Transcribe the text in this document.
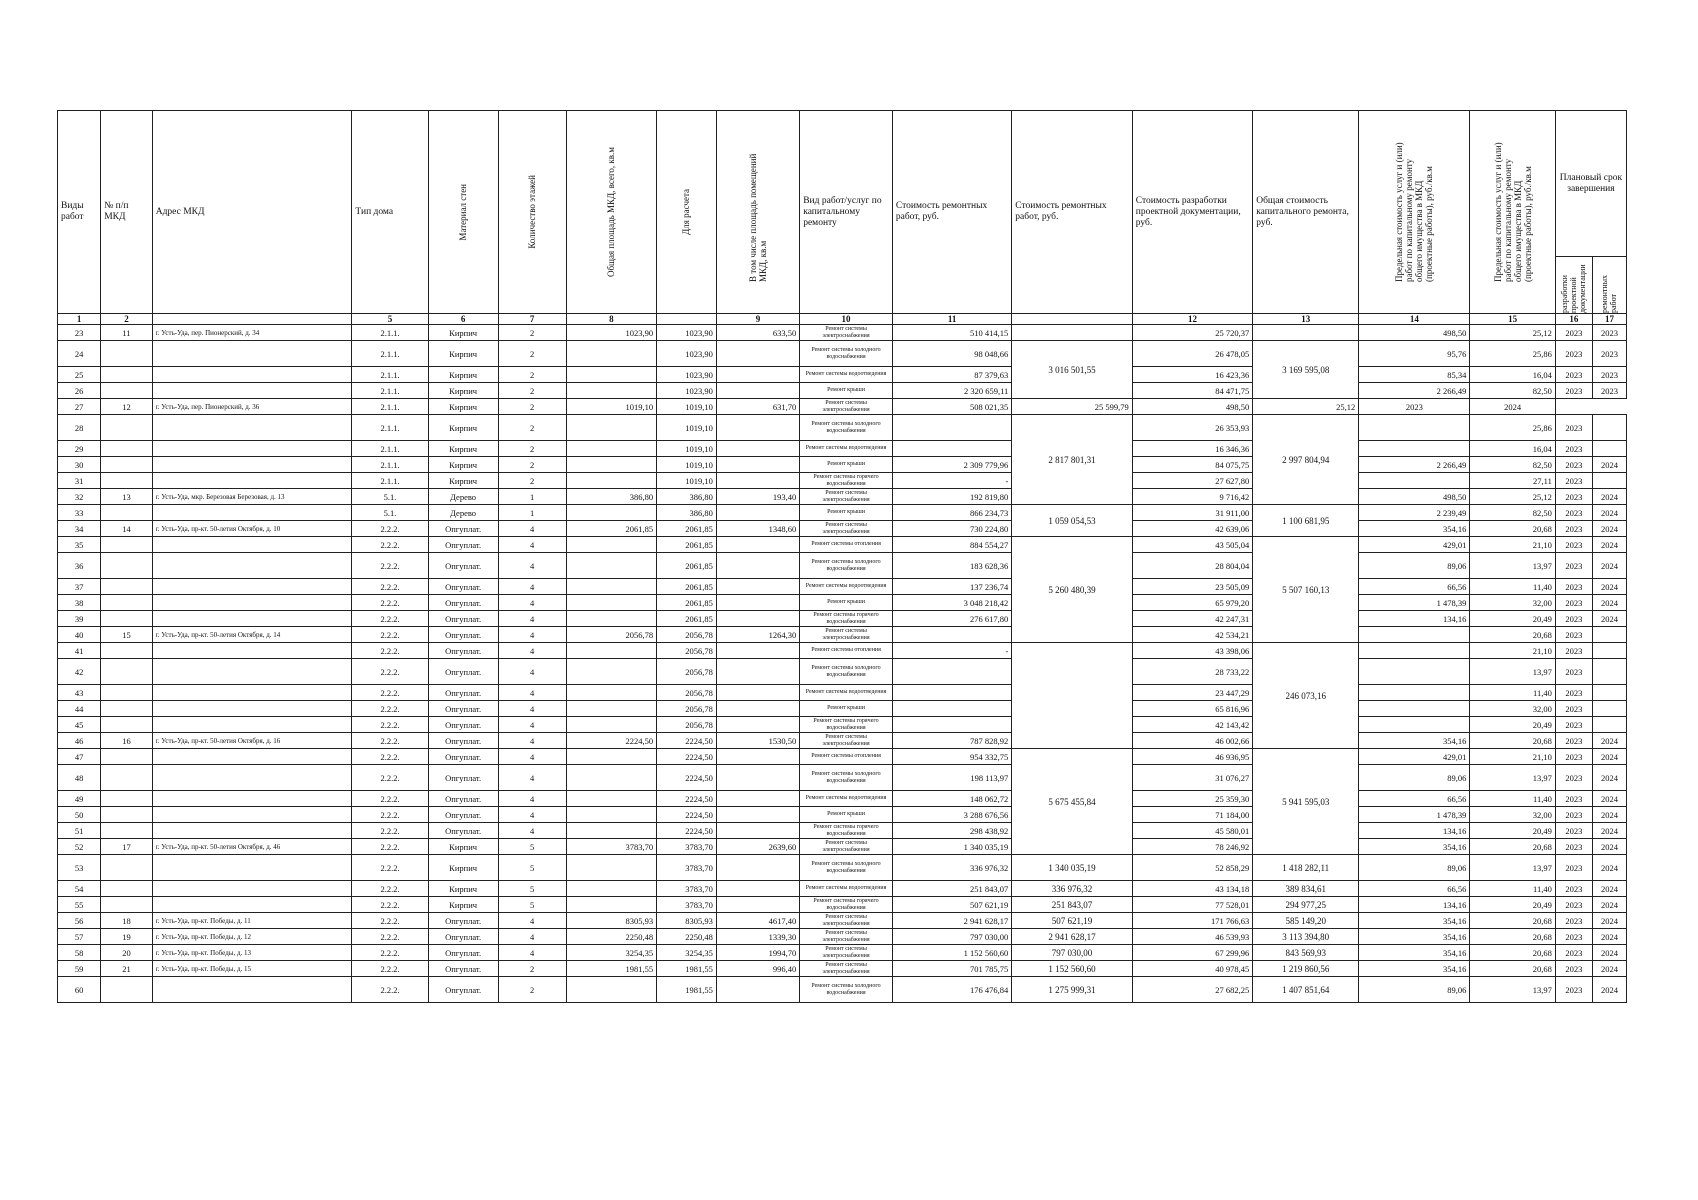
Виды работ	№ п/п МКД	Адрес МКД	Тип дома	Материал стен	Количество этажей	Общая площадь МКД, всего, кв.м	Для расчета	В том числе площадь помещений МКД, кв.м	Вид работ/услуг по капитальному ремонту	Стоимость ремонтных работ, руб.	Стоимость ремонтных работ, руб.	Стоимость разработки проектной документации, руб.	Общая стоимость капитального ремонта, руб.	Предельная стоимость услуг и (или) работ по капитальному ремонту общего имущества в МКД (проектные работы), руб./кв.м	Предельная стоимость услуг и (или) работ по капитальному ремонту общего имущества в МКД (проектные работы), руб./кв.м	Плановый срок завершения	

																разработки проектной документации	ремонтных работ

1	2		5	6	7	8		9	10	11		12	13	14	15	16	17
23	11	г. Усть-Уда, пер. Пионерский, д. 34	2.1.1.	Кирпич	2	1023,90	1023,90	633,50	Ремонт системы электроснабжения	510 414,15		25 720,37		498,50	25,12	2023	2023
24			2.1.1.	Кирпич	2		1023,90		Ремонт системы холодного водоснабжения	98 048,66	3 016 501,55	26 478,05	3 169 595,08	95,76	25,86	2023	2023
25			2.1.1.	Кирпич	2		1023,90		Ремонт системы водоотведения	87 379,63		16 423,36		85,34	16,04	2023	2023
26			2.1.1.	Кирпич	2		1023,90		Ремонт крыши	2 320 659,11		84 471,75		2 266,49	82,50	2023	2023
27	12	г. Усть-Уда, пер. Пионерский, д. 36	2.1.1.	Кирпич	2	1019,10	1019,10	631,70	Ремонт системы электроснабжения	508 021,35	25 599,79	498,50	25,12	2023	2024		
28			2.1.1.	Кирпич	2		1019,10		Ремонт системы холодного водоснабжения		2 817 801,31	26 353,93	2 997 804,94		25,86	2023	
29			2.1.1.	Кирпич	2		1019,10		Ремонт системы водоотведения			16 346,36			16,04	2023	
30			2.1.1.	Кирпич	2		1019,10		Ремонт крыши	2 309 779,96		84 075,75		2 266,49	82,50	2023	2024
31			2.1.1.	Кирпич	2		1019,10		Ремонт системы горячего водоснабжения	-		27 627,80			27,11	2023	
32	13	г. Усть-Уда, мкр. Березовая Березовая, д. 13	5.1.	Дерево	1	386,80	386,80	193,40	Ремонт системы электроснабжения	192 819,80		9 716,42		498,50	25,12	2023	2024
33			5.1.	Дерево	1		386,80		Ремонт крыши	866 234,73	1 059 054,53	31 911,00	1 100 681,95	2 239,49	82,50	2023	2024
34	14	г. Усть-Уда, пр-кт. 50-летия Октября, д. 10	2.2.2.	Опгуплат.	4	2061,85	2061,85	1348,60	Ремонт системы электроснабжения	730 224,80		42 639,06		354,16	20,68	2023	2024
35			2.2.2.	Опгуплат.	4		2061,85		Ремонт системы отопления	884 554,27	5 260 480,39	43 505,04	5 507 160,13	429,01	21,10	2023	2024
36			2.2.2.	Опгуплат.	4		2061,85		Ремонт системы холодного водоснабжения	183 628,36		28 804,04		89,06	13,97	2023	2024
37			2.2.2.	Опгуплат.	4		2061,85		Ремонт системы водоотведения	137 236,74		23 505,09		66,56	11,40	2023	2024
38			2.2.2.	Опгуплат.	4		2061,85		Ремонт крыши	3 048 218,42		65 979,20		1 478,39	32,00	2023	2024
39			2.2.2.	Опгуплат.	4		2061,85		Ремонт системы горячего водоснабжения	276 617,80		42 247,31		134,16	20,49	2023	2024
40	15	г. Усть-Уда, пр-кт. 50-летия Октября, д. 14	2.2.2.	Опгуплат.	4	2056,78	2056,78	1264,30	Ремонт системы электроснабжения			42 534,21			20,68	2023	
41			2.2.2.	Опгуплат.	4		2056,78		Ремонт системы отопления	-		43 398,06	246 073,16		21,10	2023	
42			2.2.2.	Опгуплат.	4		2056,78		Ремонт системы холодного водоснабжения			28 733,22			13,97	2023	
43			2.2.2.	Опгуплат.	4		2056,78		Ремонт системы водоотведения			23 447,29			11,40	2023	
44			2.2.2.	Опгуплат.	4		2056,78		Ремонт крыши			65 816,96			32,00	2023	
45			2.2.2.	Опгуплат.	4		2056,78		Ремонт системы горячего водоснабжения			42 143,42			20,49	2023	
46	16	г. Усть-Уда, пр-кт. 50-летия Октября, д. 16	2.2.2.	Опгуплат.	4	2224,50	2224,50	1530,50	Ремонт системы электроснабжения	787 828,92		46 002,66		354,16	20,68	2023	2024
47			2.2.2.	Опгуплат.	4		2224,50		Ремонт системы отопления	954 332,75	5 675 455,84	46 936,95	5 941 595,03	429,01	21,10	2023	2024
48			2.2.2.	Опгуплат.	4		2224,50		Ремонт системы холодного водоснабжения	198 113,97		31 076,27		89,06	13,97	2023	2024
49			2.2.2.	Опгуплат.	4		2224,50		Ремонт системы водоотведения	148 062,72		25 359,30		66,56	11,40	2023	2024
50			2.2.2.	Опгуплат.	4		2224,50		Ремонт крыши	3 288 676,56		71 184,00		1 478,39	32,00	2023	2024
51			2.2.2.	Опгуплат.	4		2224,50		Ремонт системы горячего водоснабжения	298 438,92		45 580,01		134,16	20,49	2023	2024
52	17	г. Усть-Уда, пр-кт. 50-летия Октября, д. 46	2.2.2.	Кирпич	5	3783,70	3783,70	2639,60	Ремонт системы электроснабжения	1 340 035,19		78 246,92		354,16	20,68	2023	2024
53			2.2.2.	Кирпич	5		3783,70		Ремонт системы холодного водоснабжения	336 976,32	1 340 035,19	52 858,29	1 418 282,11	89,06	13,97	2023	2024
54			2.2.2.	Кирпич	5		3783,70		Ремонт системы водоотведения	251 843,07	336 976,32	43 134,18	389 834,61	66,56	11,40	2023	2024
55			2.2.2.	Кирпич	5		3783,70		Ремонт системы горячего водоснабжения	507 621,19	251 843,07	77 528,01	294 977,25	134,16	20,49	2023	2024
56	18	г. Усть-Уда, пр-кт. Победы, д. 11	2.2.2.	Опгуплат.	4	8305,93	8305,93	4617,40	Ремонт системы электроснабжения	2 941 628,17	507 621,19	171 766,63	585 149,20	354,16	20,68	2023	2024
57	19	г. Усть-Уда, пр-кт. Победы, д. 12	2.2.2.	Опгуплат.	4	2250,48	2250,48	1339,30	Ремонт системы электроснабжения	797 030,00	2 941 628,17	46 539,93	3 113 394,80	354,16	20,68	2023	2024
58	20	г. Усть-Уда, пр-кт. Победы, д. 13	2.2.2.	Опгуплат.	4	3254,35	3254,35	1994,70	Ремонт системы электроснабжения	1 152 560,60	797 030,00	67 299,96	843 569,93	354,16	20,68	2023	2024
59	21	г. Усть-Уда, пр-кт. Победы, д. 15	2.2.2.	Опгуплат.	2	1981,55	1981,55	996,40	Ремонт системы электроснабжения	701 785,75	1 152 560,60	40 978,45	1 219 860,56	354,16	20,68	2023	2024
60			2.2.2.	Опгуплат.	2		1981,55		Ремонт системы холодного водоснабжения	176 476,84	1 275 999,31	27 682,25	1 407 851,64	89,06	13,97	2023	2024
